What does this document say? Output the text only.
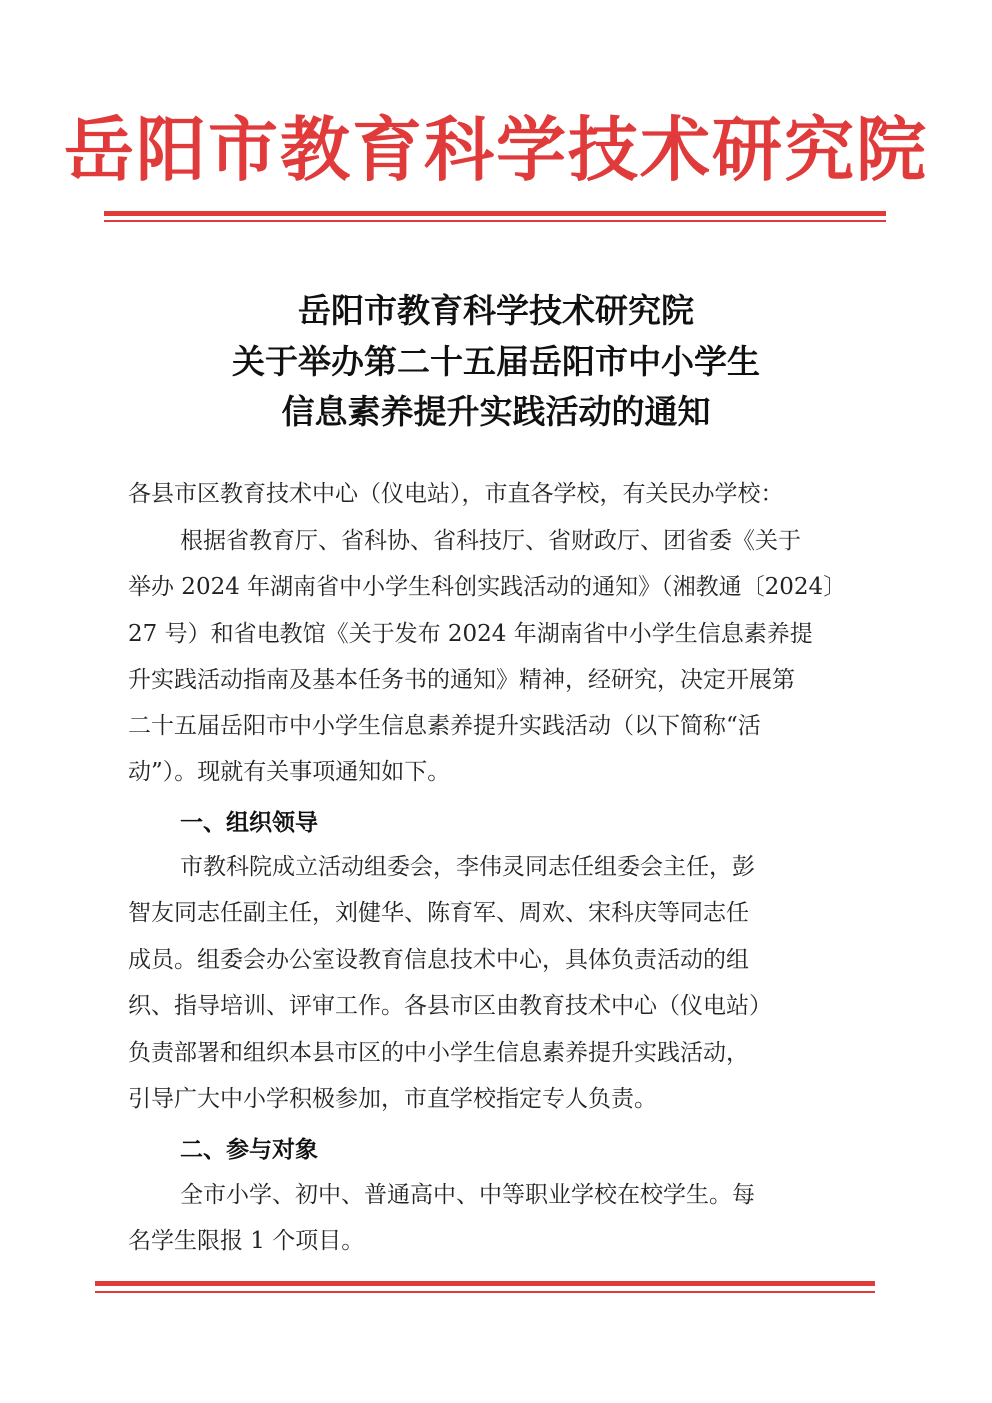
岳阳市教育科学技术研究院
岳阳市教育科学技术研究院
关于举办第二十五届岳阳市中小学生
信息素养提升实践活动的通知
各县市区教育技术中心（仪电站），市直各学校，有关民办学校：
根据省教育厅、省科协、省科技厅、省财政厅、团省委《关于
举办 2024 年湖南省中小学生科创实践活动的通知》（湘教通〔2024〕
27 号）和省电教馆《关于发布 2024 年湖南省中小学生信息素养提
升实践活动指南及基本任务书的通知》精神，经研究，决定开展第
二十五届岳阳市中小学生信息素养提升实践活动（以下简称“活
动”）。现就有关事项通知如下。
一、组织领导
市教科院成立活动组委会，李伟灵同志任组委会主任，彭
智友同志任副主任，刘健华、陈育军、周欢、宋科庆等同志任
成员。组委会办公室设教育信息技术中心，具体负责活动的组
织、指导培训、评审工作。各县市区由教育技术中心（仪电站）
负责部署和组织本县市区的中小学生信息素养提升实践活动，
引导广大中小学积极参加，市直学校指定专人负责。
二、参与对象
全市小学、初中、普通高中、中等职业学校在校学生。每
名学生限报 1 个项目。
